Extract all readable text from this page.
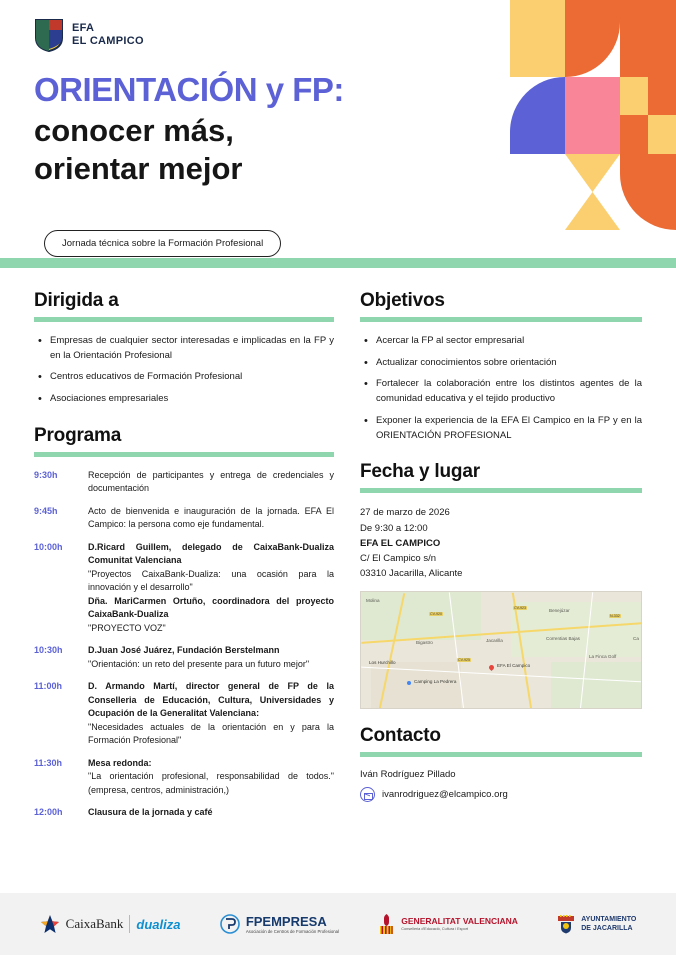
EFA
EL CAMPICO
ORIENTACIÓN y FP:
conocer más,
orientar mejor
Jornada técnica sobre la Formación Profesional
Dirigida a
• Empresas de cualquier sector interesadas e implicadas en la FP y en la Orientación Profesional
• Centros educativos de Formación Profesional
• Asociaciones empresariales
Programa
9:30h	Recepción de participantes y entrega de credenciales y documentación
9:45h	Acto de bienvenida e inauguración de la jornada. EFA El Campico: la persona como eje fundamental.
10:00h	D.Ricard Guillem, delegado de CaixaBank-Dualiza Comunitat Valenciana
"Proyectos CaixaBank-Dualiza: una ocasión para la innovación y el desarrollo"
Dña. MariCarmen Ortuño, coordinadora del proyecto CaixaBank-Dualiza
"PROYECTO VOZ"
10:30h	D.Juan José Juárez, Fundación Berstelmann
"Orientación: un reto del presente para un futuro mejor"
11:00h	D. Armando Martí, director general de FP de la Conselleria de Educación, Cultura, Universidades y Ocupación de la Generalitat Valenciana:
"Necesidades actuales de la orientación en y para la Formación Profesional"
11:30h	Mesa redonda:
"La orientación profesional, responsabilidad de todos." (empresa, centros, administración,)
12:00h	Clausura de la jornada y café
Objetivos
• Acercar la FP al sector empresarial
• Actualizar conocimientos sobre orientación
• Fortalecer la colaboración entre los distintos agentes de la comunidad educativa y el tejido productivo
• Exponer la experiencia de la EFA El Campico en la FP y en la ORIENTACIÓN PROFESIONAL
Fecha y lugar

27 de marzo de 2026

De 9:30 a 12:00

EFA EL CAMPICO

C/ El Campico s/n

03310 Jacarilla, Alicante

Molina
Benejúzar
Correntias Bajas
Bigastro	Jacarilla
La Finca Golf
Ca
CV-920
CV-923
CV-925
N-332
Camping La Pedrera
EFA El Campico
Los Hurchillo
Contacto

Iván Rodríguez Pillado

ivanrodriguez@elcampico.org
CaixaBank dualiza	FPEMPRESA
Asociación de Centros de Formación Profesional
GENERALITAT VALENCIANA
Conselleria d'Educació, Cultura i Esport
AYUNTAMIENTO
DE JACARILLA
